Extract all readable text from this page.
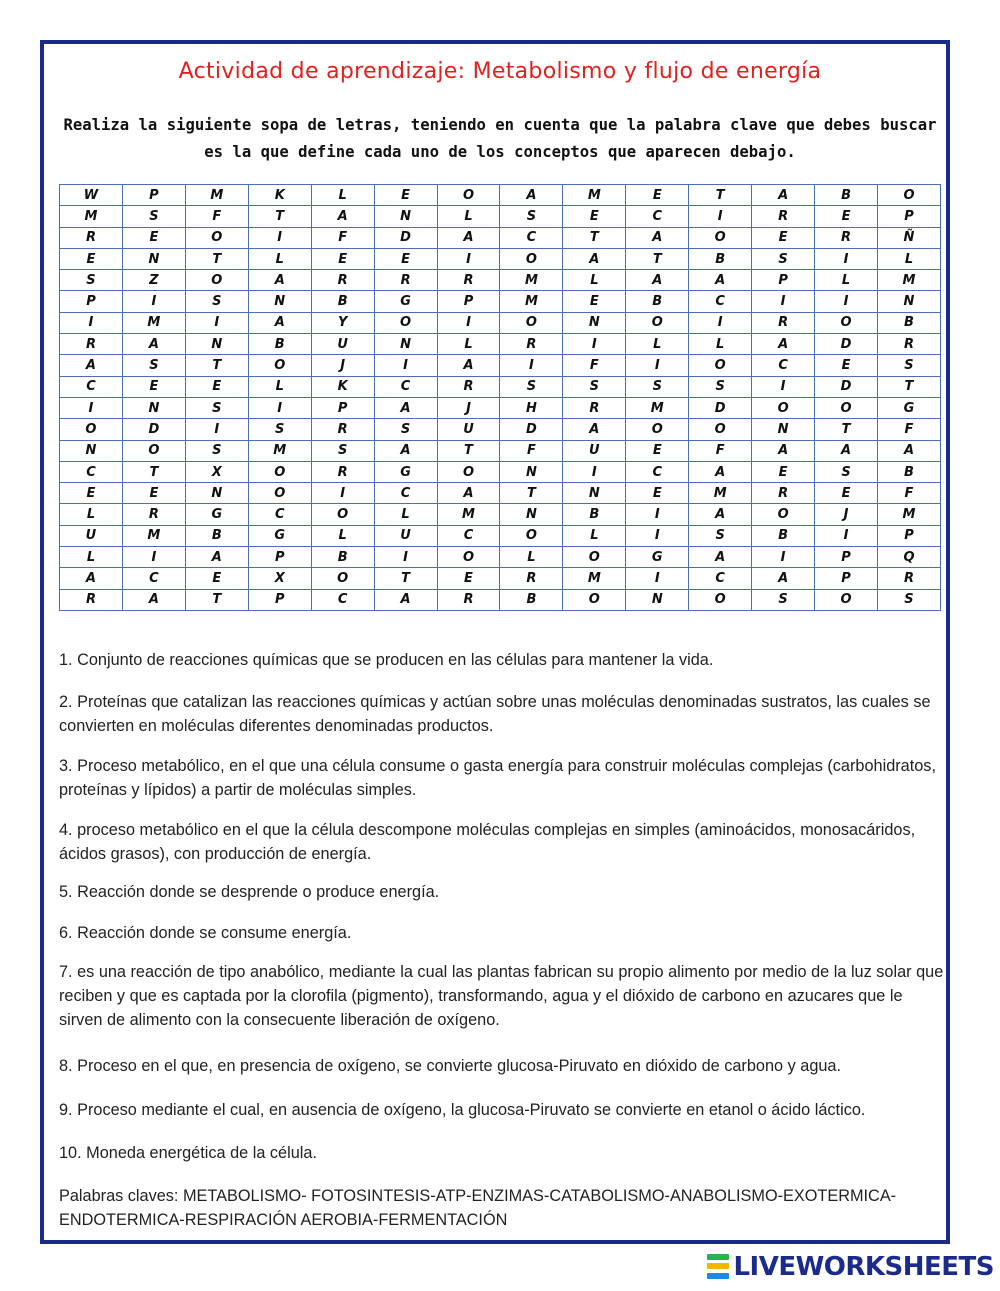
Actividad de aprendizaje: Metabolismo y flujo de energía
Realiza la siguiente sopa de letras, teniendo en cuenta que la palabra clave que debes buscar es la que define cada uno de los conceptos que aparecen debajo.
W	P	M	K	L	E	O	A	M	E	T	A	B	O
M	S	F	T	A	N	L	S	E	C	I	R	E	P
R	E	O	I	F	D	A	C	T	A	O	E	R	Ñ
E	N	T	L	E	E	I	O	A	T	B	S	I	L
S	Z	O	A	R	R	R	M	L	A	A	P	L	M
P	I	S	N	B	G	P	M	E	B	C	I	I	N
I	M	I	A	Y	O	I	O	N	O	I	R	O	B
R	A	N	B	U	N	L	R	I	L	L	A	D	R
A	S	T	O	J	I	A	I	F	I	O	C	E	S
C	E	E	L	K	C	R	S	S	S	S	I	D	T
I	N	S	I	P	A	J	H	R	M	D	O	O	G
O	D	I	S	R	S	U	D	A	O	O	N	T	F
N	O	S	M	S	A	T	F	U	E	F	A	A	A
C	T	X	O	R	G	O	N	I	C	A	E	S	B
E	E	N	O	I	C	A	T	N	E	M	R	E	F
L	R	G	C	O	L	M	N	B	I	A	O	J	M
U	M	B	G	L	U	C	O	L	I	S	B	I	P
L	I	A	P	B	I	O	L	O	G	A	I	P	Q
A	C	E	X	O	T	E	R	M	I	C	A	P	R
R	A	T	P	C	A	R	B	O	N	O	S	O	S
1. Conjunto de reacciones químicas que se producen en las células para mantener la vida.
2. Proteínas que catalizan las reacciones químicas y actúan sobre unas moléculas denominadas sustratos, las cuales se convierten en moléculas diferentes denominadas productos.
3. Proceso metabólico, en el que una célula consume o gasta energía para construir moléculas complejas (carbohidratos, proteínas y lípidos) a partir de moléculas simples.
4. proceso metabólico en el que la célula descompone moléculas complejas en simples (aminoácidos, monosacáridos, ácidos grasos), con producción de energía.
5. Reacción donde se desprende o produce energía.
6. Reacción donde se consume energía.
7. es una reacción de tipo anabólico, mediante la cual las plantas fabrican su propio alimento por medio de la luz solar que reciben y que es captada por la clorofila (pigmento), transformando, agua y el dióxido de carbono en azucares que le sirven de alimento con la consecuente liberación de oxígeno.
8. Proceso en el que, en presencia de oxígeno, se convierte glucosa-Piruvato en dióxido de carbono y agua.
9. Proceso mediante el cual, en ausencia de oxígeno, la glucosa-Piruvato se convierte en etanol o ácido láctico.
10. Moneda energética de la célula.
Palabras claves: METABOLISMO- FOTOSINTESIS-ATP-ENZIMAS-CATABOLISMO-ANABOLISMO-EXOTERMICA-ENDOTERMICA-RESPIRACIÓN AEROBIA-FERMENTACIÓN
LIVEWORKSHEETS
